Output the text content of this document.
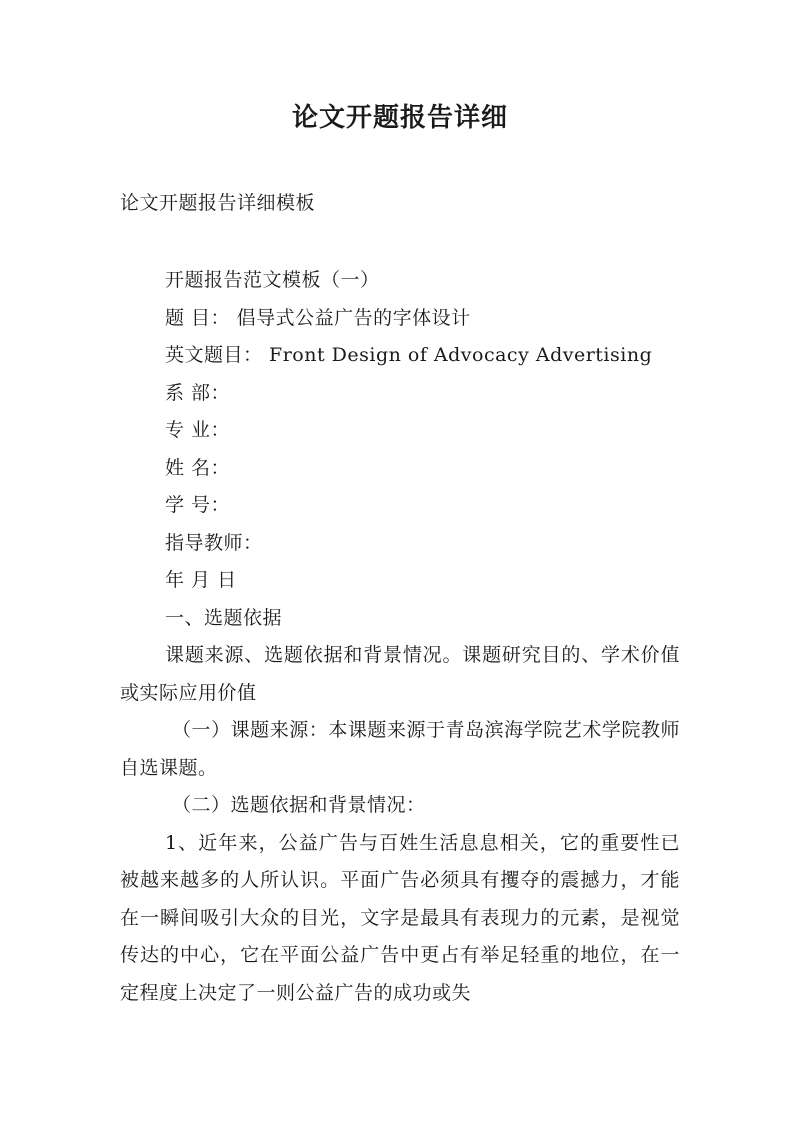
论文开题报告详细
论文开题报告详细模板
开题报告范文模板（一）
题 目： 倡导式公益广告的字体设计
英文题目： Front Design of Advocacy Advertising
系 部：
专 业：
姓 名：
学 号：
指导教师：
年 月 日
一、选题依据
课题来源、选题依据和背景情况。课题研究目的、学术价值或实际应用价值
（一）课题来源：本课题来源于青岛滨海学院艺术学院教师自选课题。
（二）选题依据和背景情况：
1、近年来，公益广告与百姓生活息息相关，它的重要性已被越来越多的人所认识。平面广告必须具有攫夺的震撼力，才能在一瞬间吸引大众的目光，文字是最具有表现力的元素，是视觉传达的中心，它在平面公益广告中更占有举足轻重的地位，在一定程度上决定了一则公益广告的成功或失
